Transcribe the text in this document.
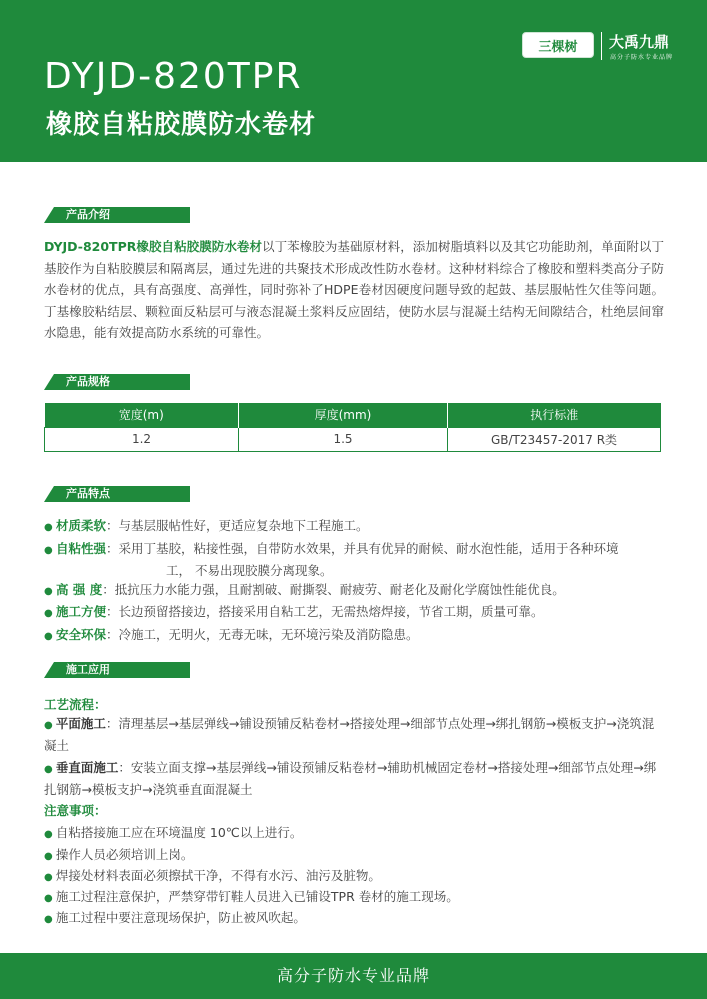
DYJD-820TPR
橡胶自粘胶膜防水卷材
三棵树 大禹九鼎
高分子防水专业品牌
产品介绍
DYJD-820TPR橡胶自粘胶膜防水卷材以丁苯橡胶为基础原材料，添加树脂填料以及其它功能助剂，单面附以丁基胶作为自粘胶膜层和隔离层，通过先进的共聚技术形成改性防水卷材。这种材料综合了橡胶和塑料类高分子防水卷材的优点，具有高强度、高弹性，同时弥补了HDPE卷材因硬度问题导致的起鼓、基层服帖性欠佳等问题。丁基橡胶粘结层、颗粒面反粘层可与液态混凝土浆料反应固结，使防水层与混凝土结构无间隙结合，杜绝层间窜水隐患，能有效提高防水系统的可靠性。
产品规格
宽度(m)	厚度(mm)	执行标准
1.2	1.5	GB/T23457-2017 R类
产品特点
● 材质柔软：与基层服帖性好，更适应复杂地下工程施工。
● 自粘性强：采用丁基胶，粘接性强，自带防水效果，并具有优异的耐候、耐水泡性能，适用于各种环境
工， 不易出现胶膜分离现象。
● 高 强 度：抵抗压力水能力强，且耐割破、耐撕裂、耐疲劳、耐老化及耐化学腐蚀性能优良。
● 施工方便：长边预留搭接边，搭接采用自粘工艺，无需热熔焊接，节省工期，质量可靠。
● 安全环保：冷施工，无明火，无毒无味，无环境污染及消防隐患。
施工应用
工艺流程：
● 平面施工：清理基层→基层弹线→铺设预铺反粘卷材→搭接处理→细部节点处理→绑扎钢筋→模板支护→浇筑混凝土
● 垂直面施工：安装立面支撑→基层弹线→铺设预铺反粘卷材→辅助机械固定卷材→搭接处理→细部节点处理→绑扎钢筋→模板支护→浇筑垂直面混凝土
注意事项：
● 自粘搭接施工应在环境温度 10℃以上进行。
● 操作人员必须培训上岗。
● 焊接处材料表面必须擦拭干净，不得有水污、油污及脏物。
● 施工过程注意保护，严禁穿带钉鞋人员进入已铺设TPR 卷材的施工现场。
● 施工过程中要注意现场保护，防止被风吹起。
高分子防水专业品牌
